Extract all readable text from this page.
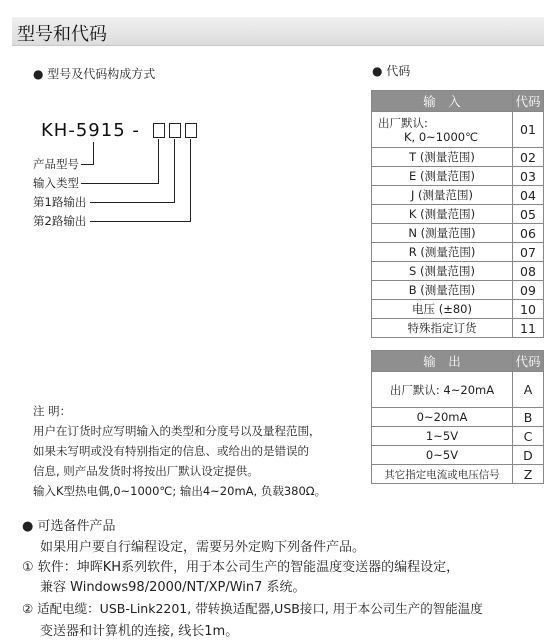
型号和代码
● 型号及代码构成方式
KH-5915 -
产品型号
输入类型
第1路输出
第2路输出
● 代码
输　入	代码

出厂默认:
K, 0~1000℃	01
T (测量范围)	02
E (测量范围)	03
J (测量范围)	04
K (测量范围)	05
N (测量范围)	06
R (测量范围)	07
S (测量范围)	08
B (测量范围)	09
电压 (±80)	10
特殊指定订货	11
输　出	代码
出厂默认: 4~20mA	A
0~20mA	B
1~5V	C
0~5V	D
其它指定电流或电压信号	Z
注 明：
用户在订货时应写明输入的类型和分度号以及量程范围，
如果未写明或没有特别指定的信息、或给出的是错误的
信息, 则产品发货时将按出厂默认设定提供。
输入K型热电偶,0~1000℃; 输出4~20mA, 负载380Ω。
● 可选备件产品
如果用户要自行编程设定，需要另外定购下列备件产品。
① 软件：坤晖KH系列软件，用于本公司生产的智能温度变送器的编程设定，
兼容 Windows98/2000/NT/XP/Win7 系统。
② 适配电缆：USB-Link2201, 带转换适配器,USB接口, 用于本公司生产的智能温度
变送器和计算机的连接, 线长1m。
